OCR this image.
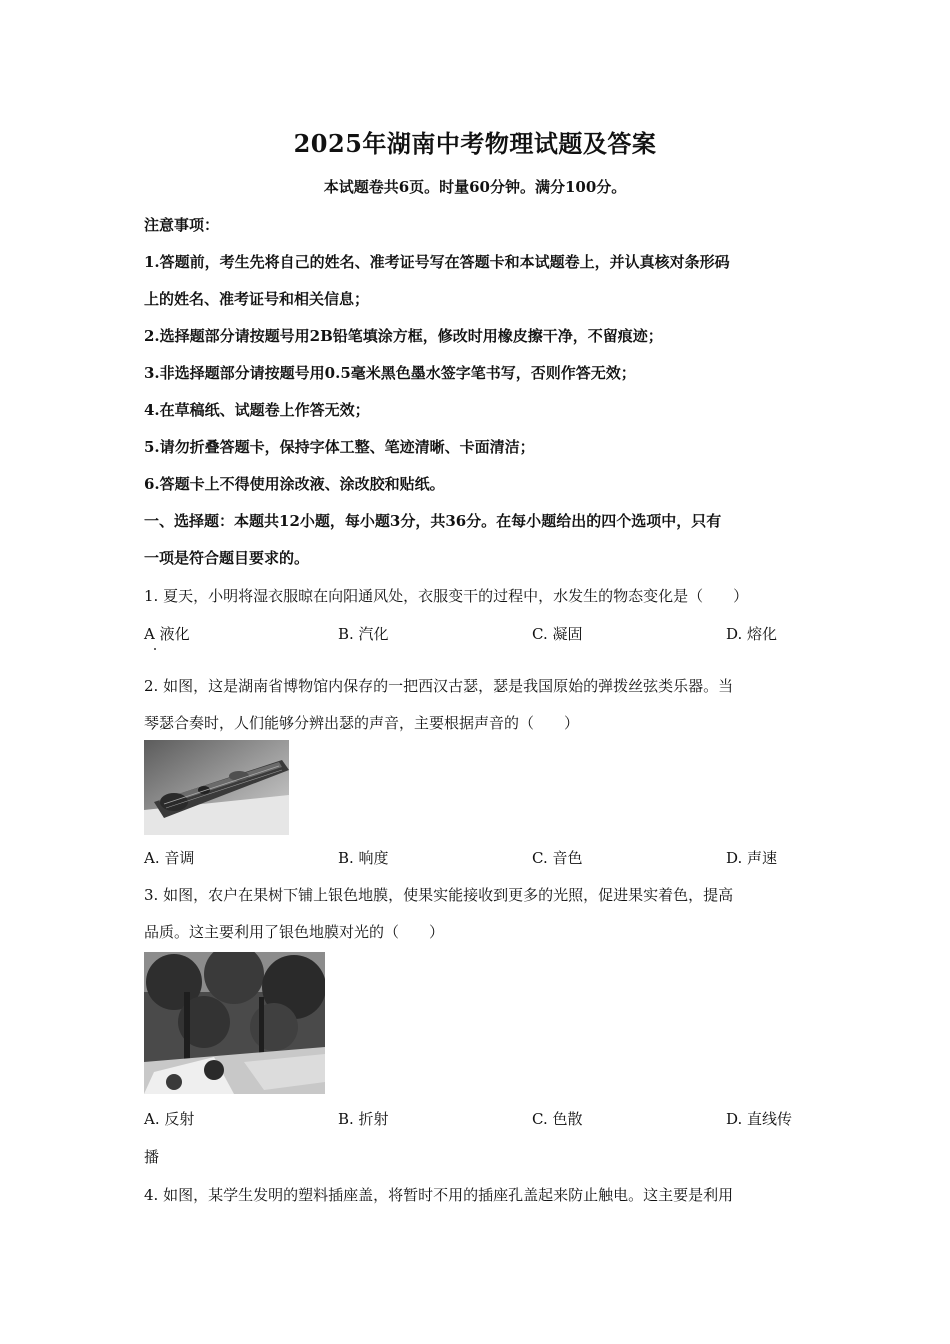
2025年湖南中考物理试题及答案
本试题卷共6页。时量60分钟。满分100分。
注意事项：
1.答题前，考生先将自己的姓名、准考证号写在答题卡和本试题卷上，并认真核对条形码
上的姓名、准考证号和相关信息；
2.选择题部分请按题号用2B铅笔填涂方框，修改时用橡皮擦干净，不留痕迹；
3.非选择题部分请按题号用0.5毫米黑色墨水签字笔书写，否则作答无效；
4.在草稿纸、试题卷上作答无效；
5.请勿折叠答题卡，保持字体工整、笔迹清晰、卡面清洁；
6.答题卡上不得使用涂改液、涂改胶和贴纸。
一、选择题：本题共12小题，每小题3分，共36分。在每小题给出的四个选项中，只有
一项是符合题目要求的。
1. 夏天，小明将湿衣服晾在向阳通风处，衣服变干的过程中，水发生的物态变化是（　　）
A 液化	B. 汽化	C. 凝固	D. 熔化
2. 如图，这是湖南省博物馆内保存的一把西汉古瑟，瑟是我国原始的弹拨丝弦类乐器。当
琴瑟合奏时，人们能够分辨出瑟的声音，主要根据声音的（　　）
A. 音调	B. 响度	C. 音色	D. 声速
3. 如图，农户在果树下铺上银色地膜，使果实能接收到更多的光照，促进果实着色，提高
品质。这主要利用了银色地膜对光的（　　）
A. 反射	B. 折射	C. 色散	D. 直线传
播
4. 如图，某学生发明的塑料插座盖，将暂时不用的插座孔盖起来防止触电。这主要是利用
